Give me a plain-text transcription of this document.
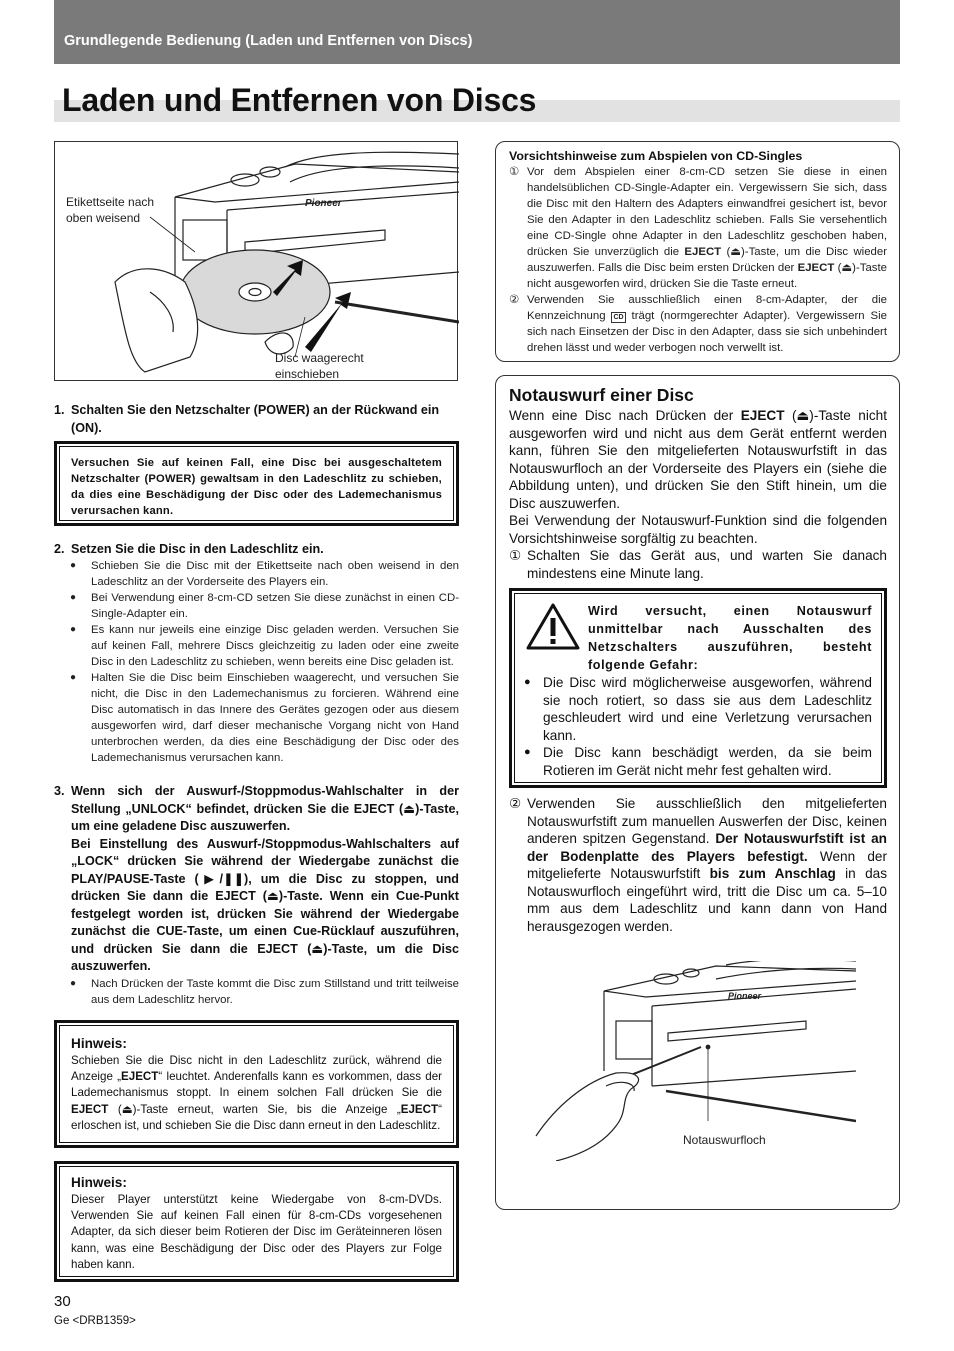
Grundlegende Bedienung (Laden und Entfernen von Discs)
Laden und Entfernen von Discs
Pioneer
Etikettseite nach
oben weisend
Disc waagerecht
einschieben
1. Schalten Sie den Netzschalter (POWER) an der Rückwand ein (ON).
Versuchen Sie auf keinen Fall, eine Disc bei ausgeschaltetem Netzschalter (POWER) gewaltsam in den Ladeschlitz zu schieben, da dies eine Beschädigung der Disc oder des Lademechanismus verursachen kann.
2. Setzen Sie die Disc in den Ladeschlitz ein.
● Schieben Sie die Disc mit der Etikettseite nach oben weisend in den Ladeschlitz an der Vorderseite des Players ein.
● Bei Verwendung einer 8-cm-CD setzen Sie diese zunächst in einen CD-Single-Adapter ein.
● Es kann nur jeweils eine einzige Disc geladen werden. Versuchen Sie auf keinen Fall, mehrere Discs gleichzeitig zu laden oder eine zweite Disc in den Ladeschlitz zu schieben, wenn bereits eine Disc geladen ist.
● Halten Sie die Disc beim Einschieben waagerecht, und versuchen Sie nicht, die Disc in den Lademechanismus zu forcieren. Während eine Disc automatisch in das Innere des Gerätes gezogen oder aus diesem ausgeworfen wird, darf dieser mechanische Vorgang nicht von Hand unterbrochen werden, da dies eine Beschädigung der Disc oder des Lademechanismus verursachen kann.
3. Wenn sich der Auswurf-/Stoppmodus-Wahlschalter in der Stellung „UNLOCK“ befindet, drücken Sie die EJECT (⏏)-Taste, um eine geladene Disc auszuwerfen.
Bei Einstellung des Auswurf-/Stoppmodus-Wahlschalters auf „LOCK“ drücken Sie während der Wiedergabe zunächst die PLAY/PAUSE-Taste (▶/❚❚), um die Disc zu stoppen, und drücken Sie dann die EJECT (⏏)-Taste. Wenn ein Cue-Punkt festgelegt worden ist, drücken Sie während der Wiedergabe zunächst die CUE-Taste, um einen Cue-Rücklauf auszuführen, und drücken Sie dann die EJECT (⏏)-Taste, um die Disc auszuwerfen.
● Nach Drücken der Taste kommt die Disc zum Stillstand und tritt teilweise aus dem Ladeschlitz hervor.
Hinweis:
Schieben Sie die Disc nicht in den Ladeschlitz zurück, während die Anzeige „EJECT“ leuchtet. Anderenfalls kann es vorkommen, dass der Lademechanismus stoppt. In einem solchen Fall drücken Sie die EJECT (⏏)-Taste erneut, warten Sie, bis die Anzeige „EJECT“ erloschen ist, und schieben Sie die Disc dann erneut in den Ladeschlitz.
Hinweis:
Dieser Player unterstützt keine Wiedergabe von 8-cm-DVDs. Verwenden Sie auf keinen Fall einen für 8-cm-CDs vorgesehenen Adapter, da sich dieser beim Rotieren der Disc im Geräteinneren lösen kann, was eine Beschädigung der Disc oder des Players zur Folge haben kann.
30
Ge <DRB1359>
Vorsichtshinweise zum Abspielen von CD-Singles
① Vor dem Abspielen einer 8-cm-CD setzen Sie diese in einen handelsüblichen CD-Single-Adapter ein. Vergewissern Sie sich, dass die Disc mit den Haltern des Adapters einwandfrei gesichert ist, bevor Sie den Adapter in den Ladeschlitz schieben. Falls Sie versehentlich eine CD-Single ohne Adapter in den Ladeschlitz geschoben haben, drücken Sie unverzüglich die EJECT (⏏)-Taste, um die Disc wieder auszuwerfen. Falls die Disc beim ersten Drücken der EJECT (⏏)-Taste nicht ausgeworfen wird, drücken Sie die Taste erneut.
② Verwenden Sie ausschließlich einen 8-cm-Adapter, der die Kennzeichnung CD trägt (normgerechter Adapter). Vergewissern Sie sich nach Einsetzen der Disc in den Adapter, dass sie sich unbehindert drehen lässt und weder verbogen noch verwellt ist.
Notauswurf einer Disc
Wenn eine Disc nach Drücken der EJECT (⏏)-Taste nicht ausgeworfen wird und nicht aus dem Gerät entfernt werden kann, führen Sie den mitgelieferten Notauswurfstift in das Notauswurfloch an der Vorderseite des Players ein (siehe die Abbildung unten), und drücken Sie den Stift hinein, um die Disc auszuwerfen.
Bei Verwendung der Notauswurf-Funktion sind die folgenden Vorsichtshinweise sorgfältig zu beachten.
① Schalten Sie das Gerät aus, und warten Sie danach mindestens eine Minute lang.
Wird versucht, einen Notauswurf unmittelbar nach Ausschalten des Netzschalters auszuführen, besteht folgende Gefahr:
● Die Disc wird möglicherweise ausgeworfen, während sie noch rotiert, so dass sie aus dem Ladeschlitz geschleudert wird und eine Verletzung verursachen kann.
● Die Disc kann beschädigt werden, da sie beim Rotieren im Gerät nicht mehr fest gehalten wird.
② Verwenden Sie ausschließlich den mitgelieferten Notauswurfstift zum manuellen Auswerfen der Disc, keinen anderen spitzen Gegenstand. Der Notauswurfstift ist an der Bodenplatte des Players befestigt. Wenn der mitgelieferte Notauswurfstift bis zum Anschlag in das Notauswurfloch eingeführt wird, tritt die Disc um ca. 5–10 mm aus dem Ladeschlitz und kann dann von Hand herausgezogen werden.
Pioneer
Notauswurfloch
